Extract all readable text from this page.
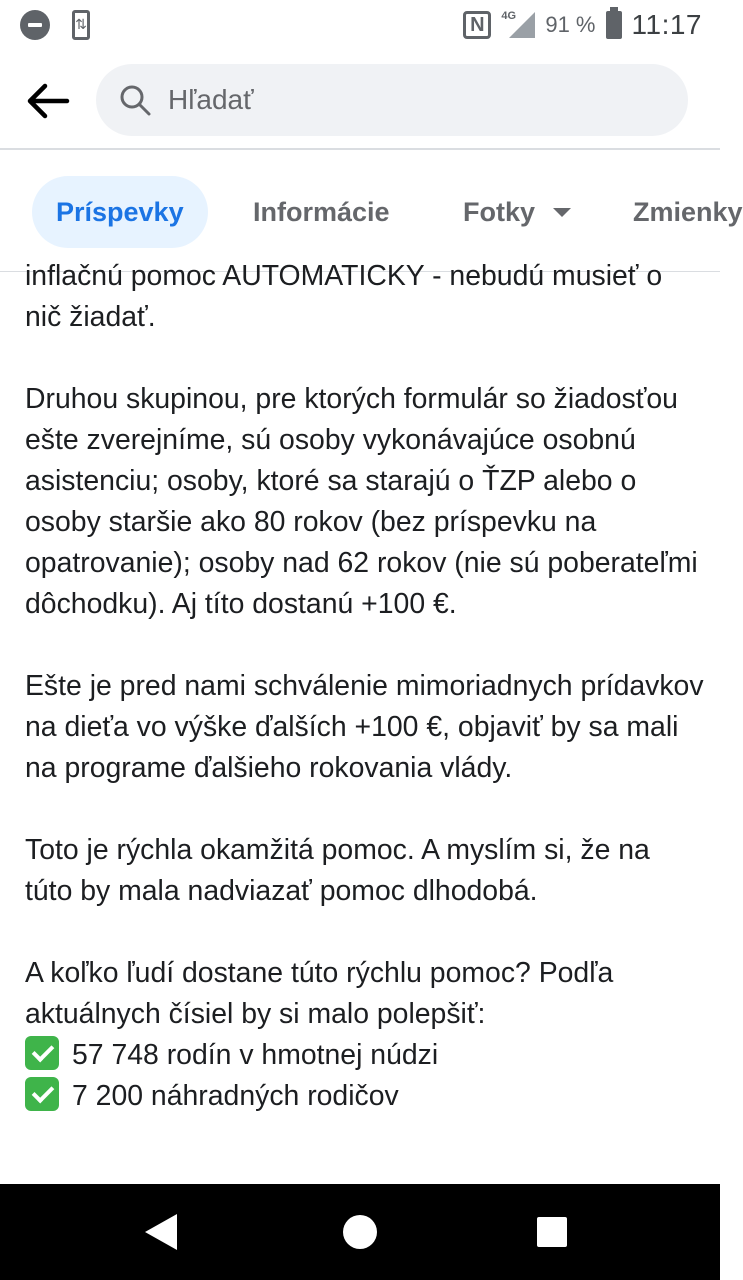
⇅	N	4G 91 % 11:17
Hľadať
Príspevky	Informácie	Fotky	Zmienky

inflačnú pomoc AUTOMATICKY - nebudú musieť o nič žiadať.

Druhou skupinou, pre ktorých formulár so žiadosťou ešte zverejníme, sú osoby vykonávajúce osobnú asistenciu; osoby, ktoré sa starajú o ŤZP alebo o osoby staršie ako 80 rokov (bez príspevku na opatrovanie); osoby nad 62 rokov (nie sú poberateľmi dôchodku). Aj títo dostanú +100 €.

Ešte je pred nami schválenie mimoriadnych prídavkov na dieťa vo výške ďalších +100 €, objaviť by sa mali na programe ďalšieho rokovania vlády.

Toto je rýchla okamžitá pomoc. A myslím si, že na túto by mala nadviazať pomoc dlhodobá.

A koľko ľudí dostane túto rýchlu pomoc? Podľa aktuálnych čísiel by si malo polepšiť:

57 748 rodín v hmotnej núdzi
7 200 náhradných rodičov
